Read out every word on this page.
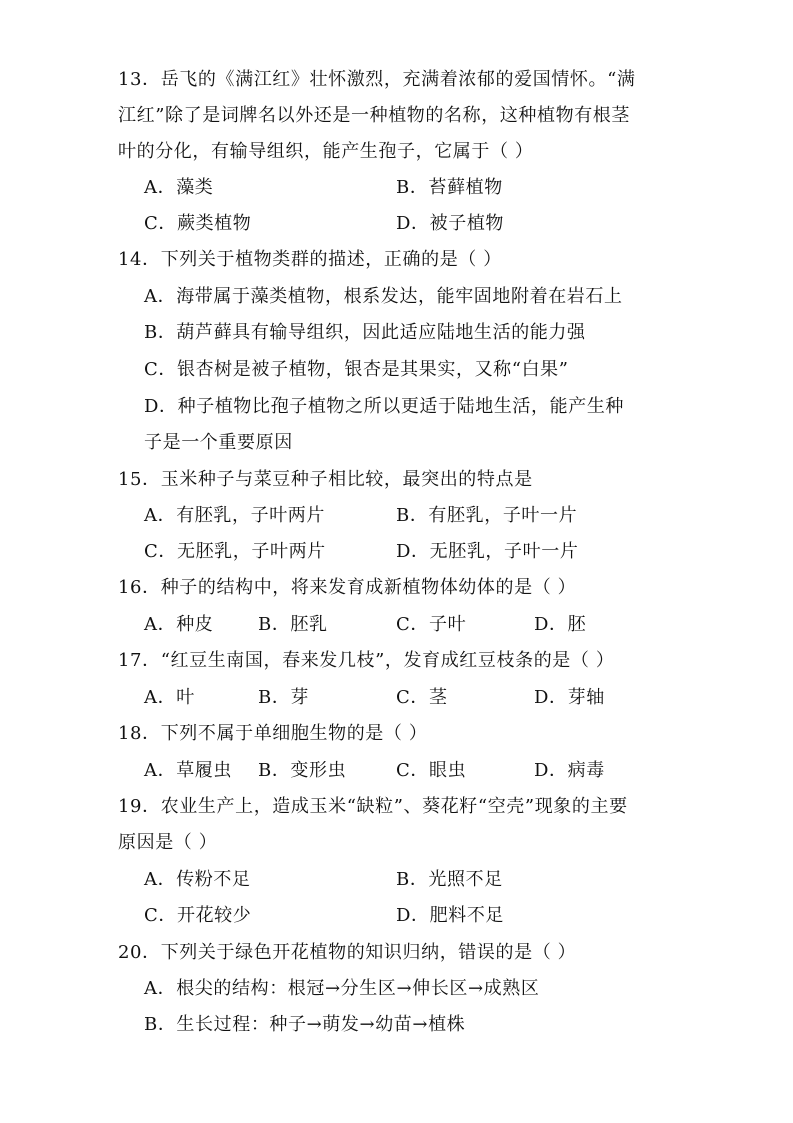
13．岳飞的《满江红》壮怀激烈，充满着浓郁的爱国情怀。“满
江红”除了是词牌名以外还是一种植物的名称，这种植物有根茎
叶的分化，有输导组织，能产生孢子，它属于（ ）
A．藻类	B．苔藓植物
C．蕨类植物	D．被子植物
14．下列关于植物类群的描述，正确的是（ ）
A．海带属于藻类植物，根系发达，能牢固地附着在岩石上
B．葫芦藓具有输导组织，因此适应陆地生活的能力强
C．银杏树是被子植物，银杏是其果实，又称“白果”
D．种子植物比孢子植物之所以更适于陆地生活，能产生种
子是一个重要原因
15．玉米种子与菜豆种子相比较，最突出的特点是
A．有胚乳，子叶两片	B．有胚乳，子叶一片
C．无胚乳，子叶两片	D．无胚乳，子叶一片
16．种子的结构中，将来发育成新植物体幼体的是（ ）
A．种皮 B．胚乳	C．子叶	D．胚
17．“红豆生南国，春来发几枝”，发育成红豆枝条的是（ ）
A．叶	B．芽	C．茎	D．芽轴
18．下列不属于单细胞生物的是（ ）
A．草履虫 B．变形虫	C．眼虫	D．病毒
19．农业生产上，造成玉米“缺粒”、葵花籽“空壳”现象的主要
原因是（ ）
A．传粉不足	B．光照不足
C．开花较少	D．肥料不足
20．下列关于绿色开花植物的知识归纳，错误的是（ ）
A．根尖的结构：根冠→分生区→伸长区→成熟区
B．生长过程：种子→萌发→幼苗→植株
